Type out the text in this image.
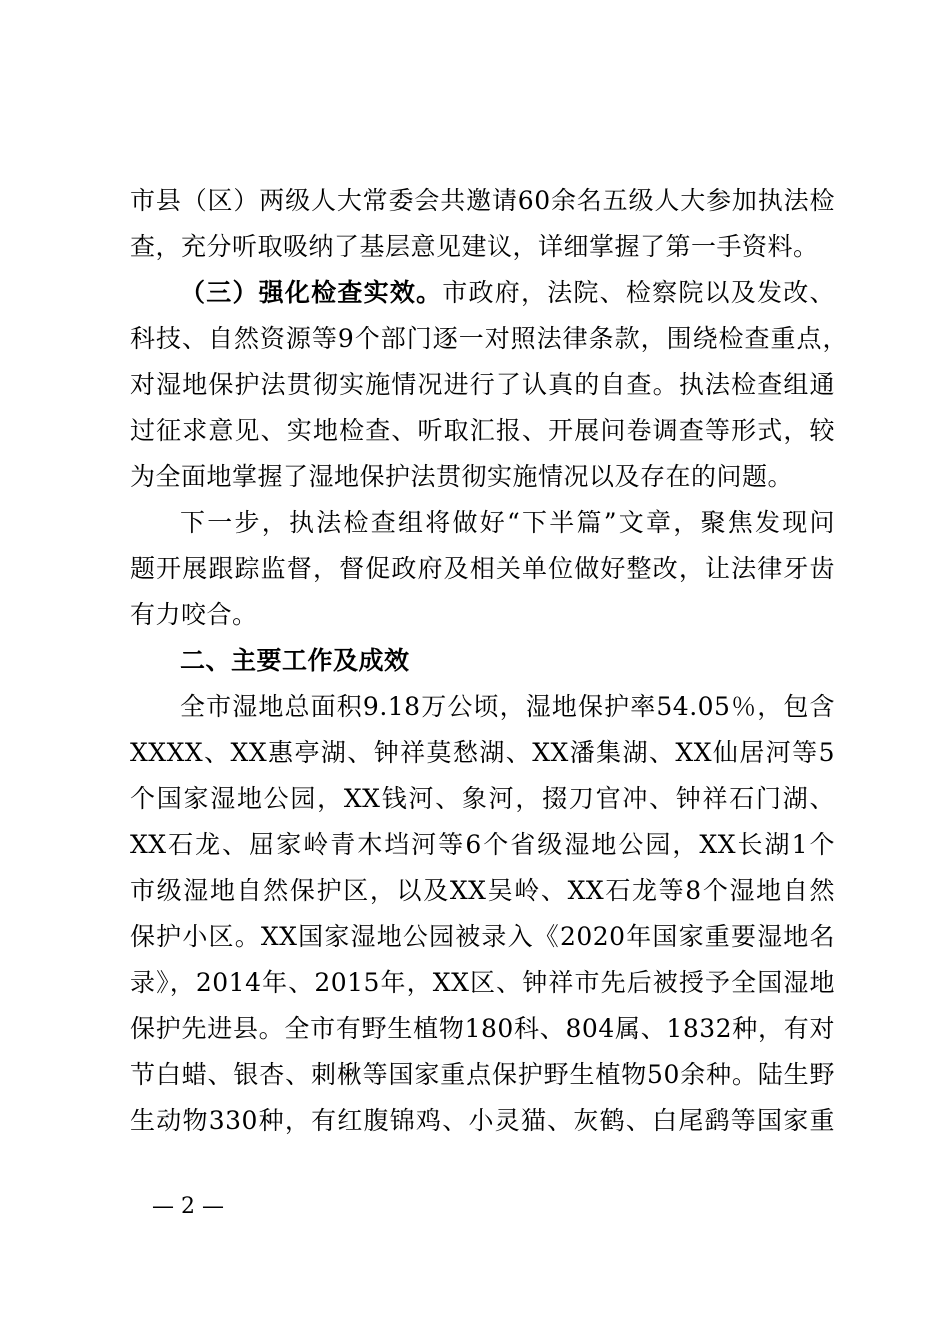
市县（区）两级人大常委会共邀请60余名五级人大参加执法检
查，充分听取吸纳了基层意见建议，详细掌握了第一手资料。
（三）强化检查实效。市政府，法院、检察院以及发改、
科技、自然资源等9个部门逐一对照法律条款，围绕检查重点，
对湿地保护法贯彻实施情况进行了认真的自查。执法检查组通
过征求意见、实地检查、听取汇报、开展问卷调查等形式，较
为全面地掌握了湿地保护法贯彻实施情况以及存在的问题。
下一步，执法检查组将做好“下半篇”文章，聚焦发现问
题开展跟踪监督，督促政府及相关单位做好整改，让法律牙齿
有力咬合。
二、主要工作及成效
全市湿地总面积9.18万公顷，湿地保护率54.05％，包含
XXXX、XX惠亭湖、钟祥莫愁湖、XX潘集湖、XX仙居河等5
个国家湿地公园，XX钱河、象河，掇刀官冲、钟祥石门湖、
XX石龙、屈家岭青木垱河等6个省级湿地公园，XX长湖1个
市级湿地自然保护区，以及XX吴岭、XX石龙等8个湿地自然
保护小区。XX国家湿地公园被录入《2020年国家重要湿地名
录》，2014年、2015年，XX区、钟祥市先后被授予全国湿地
保护先进县。全市有野生植物180科、804属、1832种，有对
节白蜡、银杏、刺楸等国家重点保护野生植物50余种。陆生野
生动物330种，有红腹锦鸡、小灵猫、灰鹤、白尾鹞等国家重
— 2 —
